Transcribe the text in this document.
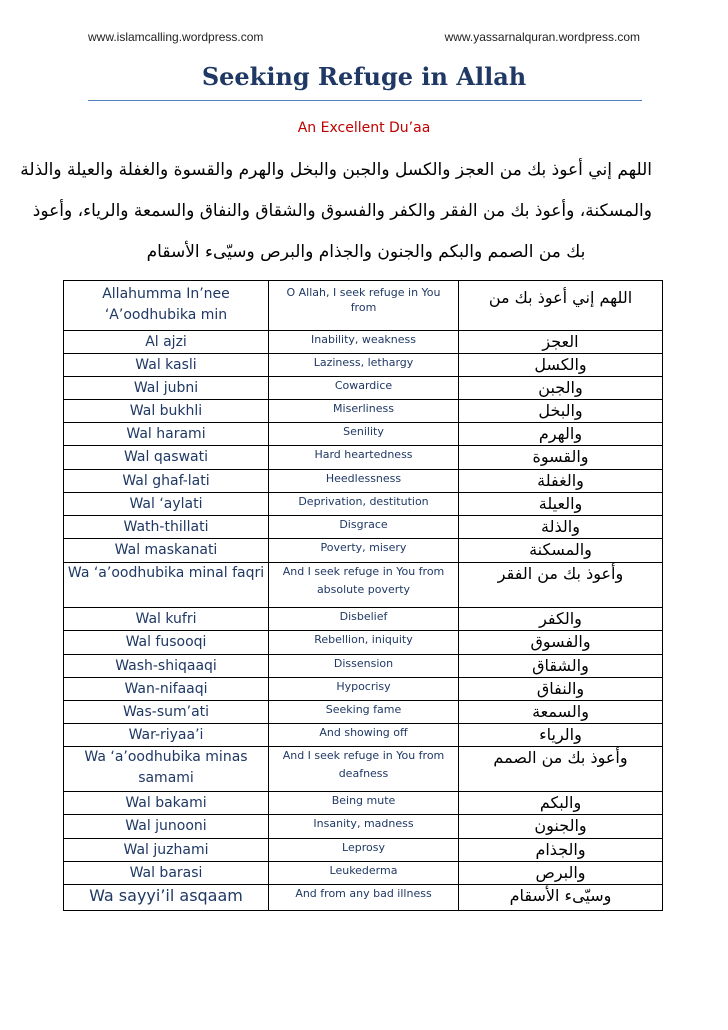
www.islamcalling.wordpress.com	www.yassarnalquran.wordpress.com
Seeking Refuge in Allah
An Excellent Du’aa
اللهم إني أعوذ بك من العجز والكسل والجبن والبخل والهرم والقسوة والغفلة والعيلة والذلة
والمسكنة، وأعوذ بك من الفقر والكفر والفسوق والشقاق والنفاق والسمعة والرياء، وأعوذ
بك من الصمم والبكم والجنون والجذام والبرص وسيّىء الأسقام
Allahumma In’nee ‘A’oodhubika min	O Allah, I seek refuge in You from	اللهم إني أعوذ بك من
Al ajzi	Inability, weakness	العجز
Wal kasli	Laziness, lethargy	والكسل
Wal jubni	Cowardice	والجبن
Wal bukhli	Miserliness	والبخل
Wal harami	Senility	والهرم
Wal qaswati	Hard heartedness	والقسوة
Wal ghaf-lati	Heedlessness	والغفلة
Wal ‘aylati	Deprivation, destitution	والعيلة
Wath-thillati	Disgrace	والذلة
Wal maskanati	Poverty, misery	والمسكنة
Wa ‘a’oodhubika minal faqri	And I seek refuge in You from absolute poverty	وأعوذ بك من الفقر
Wal kufri	Disbelief	والكفر
Wal fusooqi	Rebellion, iniquity	والفسوق
Wash-shiqaaqi	Dissension	والشقاق
Wan-nifaaqi	Hypocrisy	والنفاق
Was-sum’ati	Seeking fame	والسمعة
War-riyaa’i	And showing off	والرياء
Wa ‘a’oodhubika minas samami	And I seek refuge in You from deafness	وأعوذ بك من الصمم
Wal bakami	Being mute	والبكم
Wal junooni	Insanity, madness	والجنون
Wal juzhami	Leprosy	والجذام
Wal barasi	Leukederma	والبرص
Wa sayyi’il asqaam	And from any bad illness	وسيّىء الأسقام
